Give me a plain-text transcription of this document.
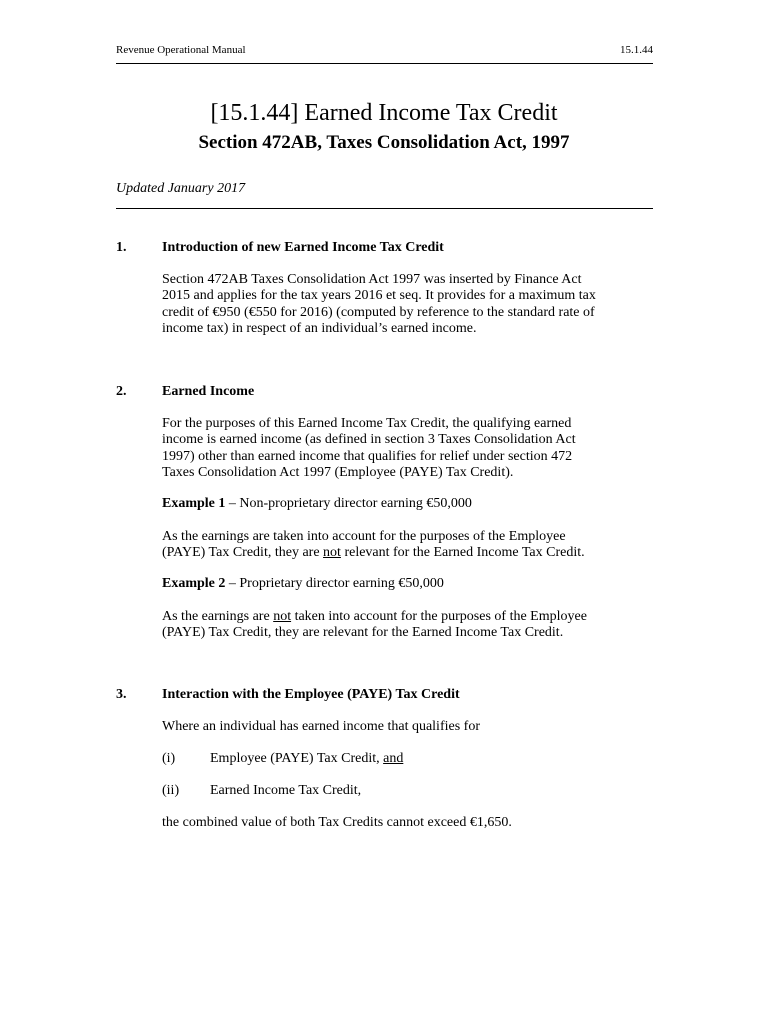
Revenue Operational Manual	15.1.44
[15.1.44] Earned Income Tax Credit
Section 472AB, Taxes Consolidation Act, 1997
Updated January 2017
1.	Introduction of new Earned Income Tax Credit
Section 472AB Taxes Consolidation Act 1997 was inserted by Finance Act
2015 and applies for the tax years 2016 et seq. It provides for a maximum tax
credit of €950 (€550 for 2016) (computed by reference to the standard rate of
income tax) in respect of an individual’s earned income.
2.	Earned Income
For the purposes of this Earned Income Tax Credit, the qualifying earned
income is earned income (as defined in section 3 Taxes Consolidation Act
1997) other than earned income that qualifies for relief under section 472
Taxes Consolidation Act 1997 (Employee (PAYE) Tax Credit).
Example 1 – Non-proprietary director earning €50,000
As the earnings are taken into account for the purposes of the Employee
(PAYE) Tax Credit, they are not relevant for the Earned Income Tax Credit.
Example 2 – Proprietary director earning €50,000
As the earnings are not taken into account for the purposes of the Employee
(PAYE) Tax Credit, they are relevant for the Earned Income Tax Credit.
3.	Interaction with the Employee (PAYE) Tax Credit
Where an individual has earned income that qualifies for
(i) Employee (PAYE) Tax Credit, and
(ii) Earned Income Tax Credit,
the combined value of both Tax Credits cannot exceed €1,650.
